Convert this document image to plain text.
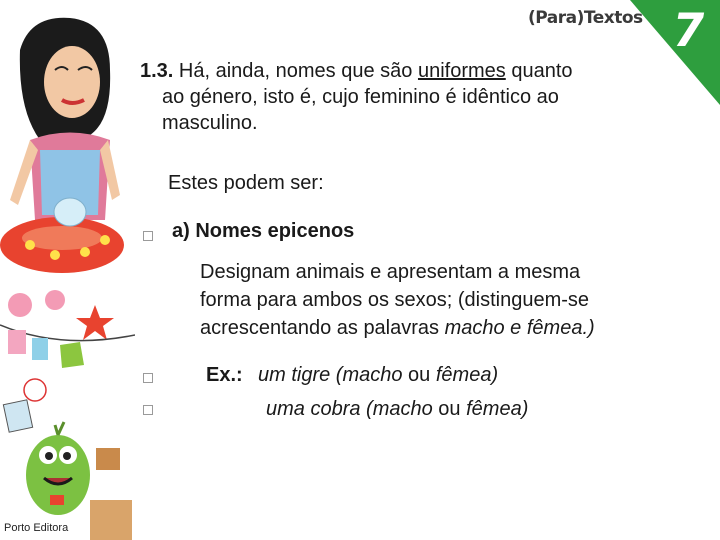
(Para)Textos 7

1.3. Há, ainda, nomes que são uniformes quanto
ao género, isto é, cujo feminino é idêntico ao
masculino.

Estes podem ser:
a) Nomes epicenos
Designam animais e apresentam a mesma
forma para ambos os sexos; (distinguem-se
acrescentando as palavras macho e fêmea.)
Ex.: um tigre (macho ou fêmea)
uma cobra (macho ou fêmea)
Porto Editora
